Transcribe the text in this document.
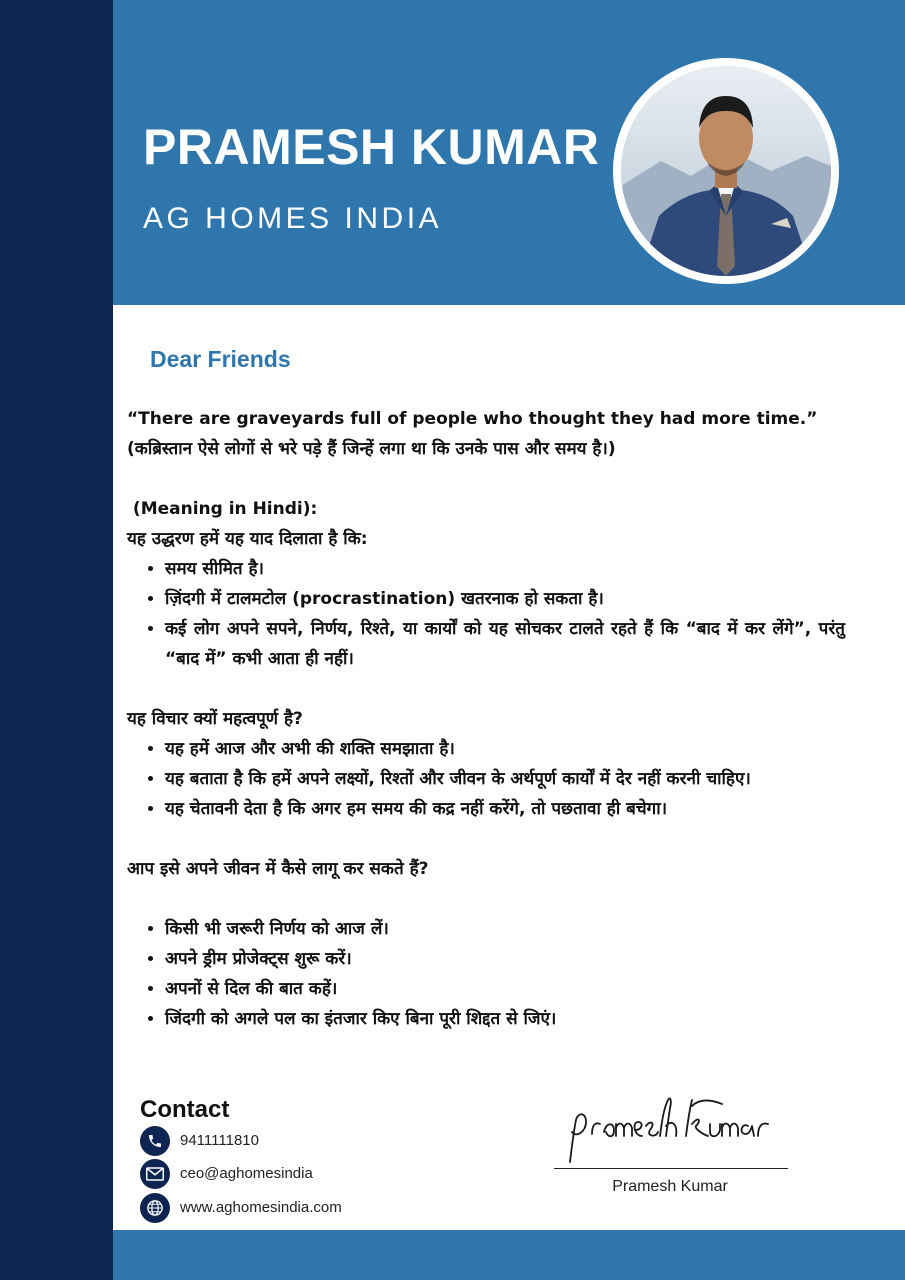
PRAMESH KUMAR
AG HOMES INDIA
Dear Friends

“There are graveyards full of people who thought they had more time.”

(कब्रिस्तान ऐसे लोगों से भरे पड़े हैं जिन्हें लगा था कि उनके पास और समय है।)

(Meaning in Hindi):

यह उद्धरण हमें यह याद दिलाता है कि:

• समय सीमित है।
• ज़िंदगी में टालमटोल (procrastination) खतरनाक हो सकता है।
• कई लोग अपने सपने, निर्णय, रिश्ते, या कार्यों को यह सोचकर टालते रहते हैं कि “बाद में कर लेंगे”, परंतु “बाद में” कभी आता ही नहीं।

यह विचार क्यों महत्वपूर्ण है?

• यह हमें आज और अभी की शक्ति समझाता है।
• यह बताता है कि हमें अपने लक्ष्यों, रिश्तों और जीवन के अर्थपूर्ण कार्यों में देर नहीं करनी चाहिए।
• यह चेतावनी देता है कि अगर हम समय की कद्र नहीं करेंगे, तो पछतावा ही बचेगा।

आप इसे अपने जीवन में कैसे लागू कर सकते हैं?

• किसी भी जरूरी निर्णय को आज लें।
• अपने ड्रीम प्रोजेक्ट्स शुरू करें।
• अपनों से दिल की बात कहें।
• जिंदगी को अगले पल का इंतजार किए बिना पूरी शिद्दत से जिएं।
Contact
9411111810
ceo@aghomesindia
www.aghomesindia.com
Pramesh Kumar
